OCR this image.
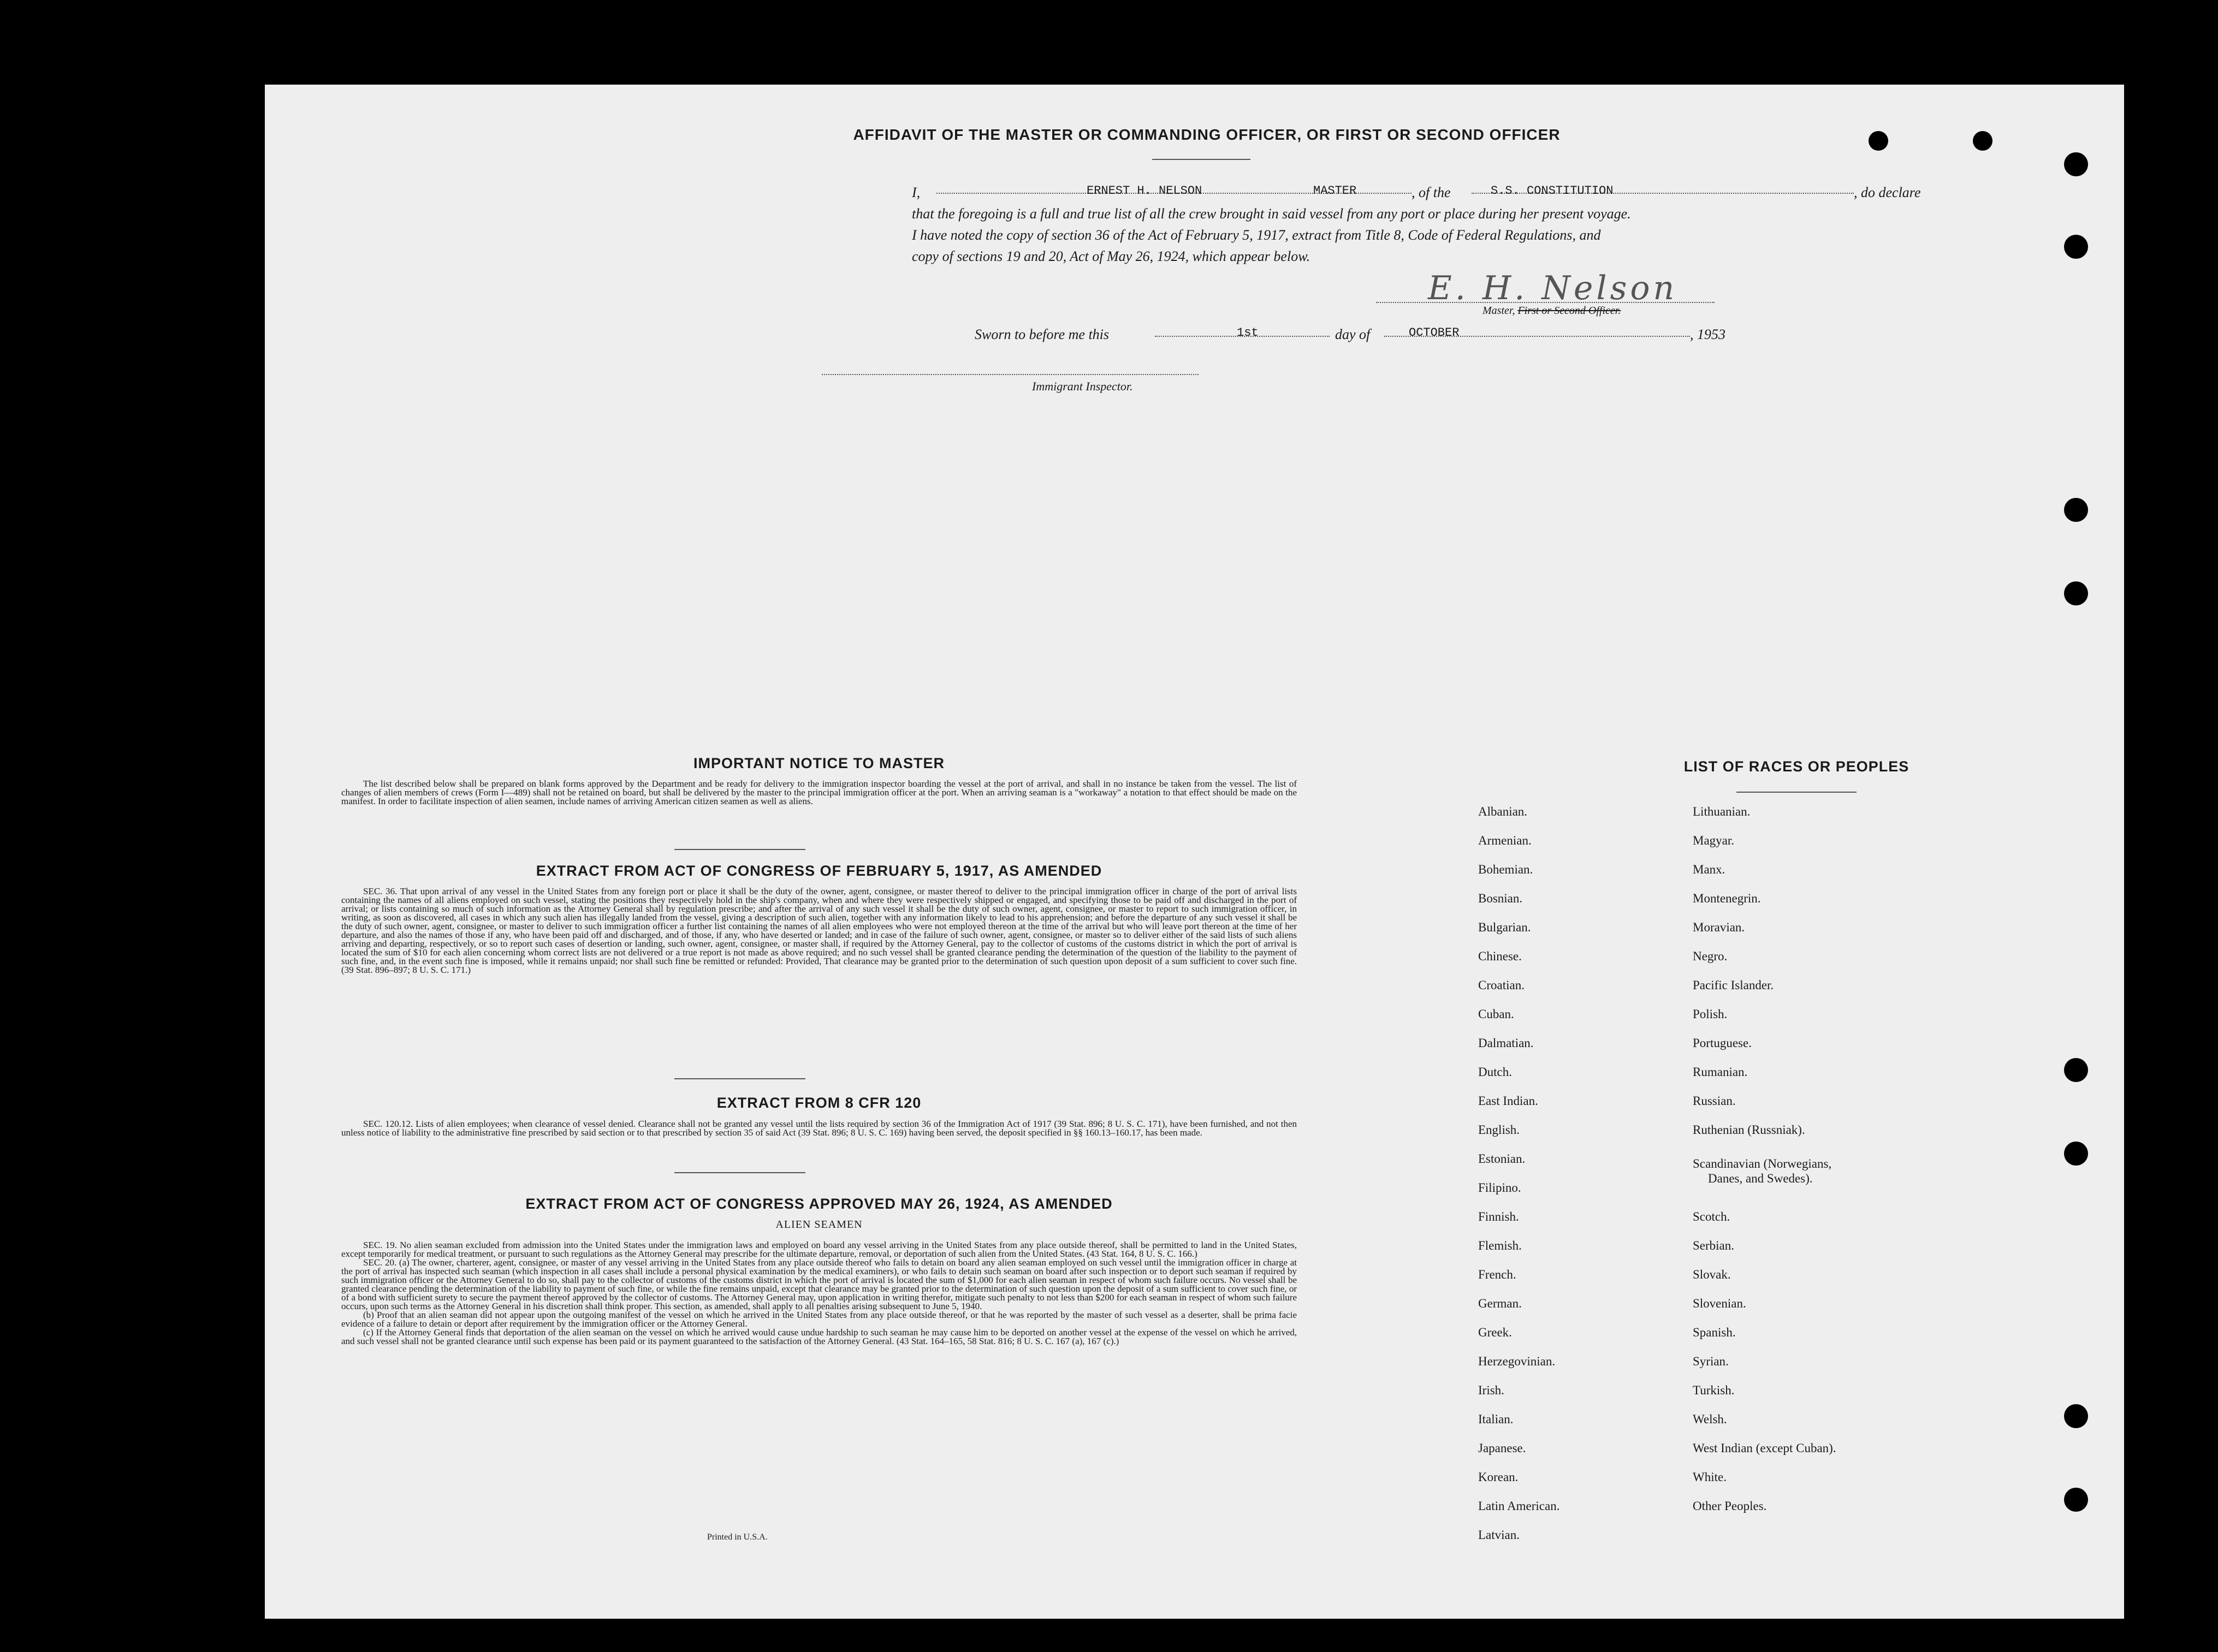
AFFIDAVIT OF THE MASTER OR COMMANDING OFFICER, OR FIRST OR SECOND OFFICER
I,	ERNEST H. NELSON	MASTER	, of the	S.S. CONSTITUTION	, do declare
that the foregoing is a full and true list of all the crew brought in said vessel from any port or place during her present voyage.
I have noted the copy of section 36 of the Act of February 5, 1917, extract from Title 8, Code of Federal Regulations, and
copy of sections 19 and 20, Act of May 26, 1924, which appear below.
E. H. Nelson
Master, First or Second Officer.
Sworn to before me this	1st	day of	OCTOBER	, 1953
Immigrant Inspector.
IMPORTANT NOTICE TO MASTER

The list described below shall be prepared on blank forms approved by the Department and be ready for delivery to the immigration inspector boarding the vessel at the port of arrival, and shall in no instance be taken from the vessel. The list of changes of alien members of crews (Form I—489) shall not be retained on board, but shall be delivered by the master to the principal immigration officer at the port. When an arriving seaman is a "workaway" a notation to that effect should be made on the manifest. In order to facilitate inspection of alien seamen, include names of arriving American citizen seamen as well as aliens.

EXTRACT FROM ACT OF CONGRESS OF FEBRUARY 5, 1917, AS AMENDED

SEC. 36. That upon arrival of any vessel in the United States from any foreign port or place it shall be the duty of the owner, agent, consignee, or master thereof to deliver to the principal immigration officer in charge of the port of arrival lists containing the names of all aliens employed on such vessel, stating the positions they respectively hold in the ship's company, when and where they were respectively shipped or engaged, and specifying those to be paid off and discharged in the port of arrival; or lists containing so much of such information as the Attorney General shall by regulation prescribe; and after the arrival of any such vessel it shall be the duty of such owner, agent, consignee, or master to report to such immigration officer, in writing, as soon as discovered, all cases in which any such alien has illegally landed from the vessel, giving a description of such alien, together with any information likely to lead to his apprehension; and before the departure of any such vessel it shall be the duty of such owner, agent, consignee, or master to deliver to such immigration officer a further list containing the names of all alien employees who were not employed thereon at the time of the arrival but who will leave port thereon at the time of her departure, and also the names of those if any, who have been paid off and discharged, and of those, if any, who have deserted or landed; and in case of the failure of such owner, agent, consignee, or master so to deliver either of the said lists of such aliens arriving and departing, respectively, or so to report such cases of desertion or landing, such owner, agent, consignee, or master shall, if required by the Attorney General, pay to the collector of customs of the customs district in which the port of arrival is located the sum of $10 for each alien concerning whom correct lists are not delivered or a true report is not made as above required; and no such vessel shall be granted clearance pending the determination of the question of the liability to the payment of such fine, and, in the event such fine is imposed, while it remains unpaid; nor shall such fine be remitted or refunded: Provided, That clearance may be granted prior to the determination of such question upon deposit of a sum sufficient to cover such fine. (39 Stat. 896–897; 8 U. S. C. 171.)

EXTRACT FROM 8 CFR 120

SEC. 120.12. Lists of alien employees; when clearance of vessel denied. Clearance shall not be granted any vessel until the lists required by section 36 of the Immigration Act of 1917 (39 Stat. 896; 8 U. S. C. 171), have been furnished, and not then unless notice of liability to the administrative fine prescribed by said section or to that prescribed by section 35 of said Act (39 Stat. 896; 8 U. S. C. 169) having been served, the deposit specified in §§ 160.13–160.17, has been made.

EXTRACT FROM ACT OF CONGRESS APPROVED MAY 26, 1924, AS AMENDED
ALIEN SEAMEN

SEC. 19. No alien seaman excluded from admission into the United States under the immigration laws and employed on board any vessel arriving in the United States from any place outside thereof, shall be permitted to land in the United States, except temporarily for medical treatment, or pursuant to such regulations as the Attorney General may prescribe for the ultimate departure, removal, or deportation of such alien from the United States. (43 Stat. 164, 8 U. S. C. 166.)

SEC. 20. (a) The owner, charterer, agent, consignee, or master of any vessel arriving in the United States from any place outside thereof who fails to detain on board any alien seaman employed on such vessel until the immigration officer in charge at the port of arrival has inspected such seaman (which inspection in all cases shall include a personal physical examination by the medical examiners), or who fails to detain such seaman on board after such inspection or to deport such seaman if required by such immigration officer or the Attorney General to do so, shall pay to the collector of customs of the customs district in which the port of arrival is located the sum of $1,000 for each alien seaman in respect of whom such failure occurs. No vessel shall be granted clearance pending the determination of the liability to payment of such fine, or while the fine remains unpaid, except that clearance may be granted prior to the determination of such question upon the deposit of a sum sufficient to cover such fine, or of a bond with sufficient surety to secure the payment thereof approved by the collector of customs. The Attorney General may, upon application in writing therefor, mitigate such penalty to not less than $200 for each seaman in respect of whom such failure occurs, upon such terms as the Attorney General in his discretion shall think proper. This section, as amended, shall apply to all penalties arising subsequent to June 5, 1940.

(b) Proof that an alien seaman did not appear upon the outgoing manifest of the vessel on which he arrived in the United States from any place outside thereof, or that he was reported by the master of such vessel as a deserter, shall be prima facie evidence of a failure to detain or deport after requirement by the immigration officer or the Attorney General.

(c) If the Attorney General finds that deportation of the alien seaman on the vessel on which he arrived would cause undue hardship to such seaman he may cause him to be deported on another vessel at the expense of the vessel on which he arrived, and such vessel shall not be granted clearance until such expense has been paid or its payment guaranteed to the satisfaction of the Attorney General. (43 Stat. 164–165, 58 Stat. 816; 8 U. S. C. 167 (a), 167 (c).)

Printed in U.S.A.
LIST OF RACES OR PEOPLES
Albanian.
Armenian.
Bohemian.
Bosnian.
Bulgarian.
Chinese.
Croatian.
Cuban.
Dalmatian.
Dutch.
East Indian.
English.
Estonian.
Filipino.
Finnish.
Flemish.
French.
German.
Greek.
Herzegovinian.
Irish.
Italian.
Japanese.
Korean.
Latin American.
Latvian.
Lithuanian.
Magyar.
Manx.
Montenegrin.
Moravian.
Negro.
Pacific Islander.
Polish.
Portuguese.
Rumanian.
Russian.
Ruthenian (Russniak).
Scandinavian (Norwegians,
Danes, and Swedes).
Scotch.
Serbian.
Slovak.
Slovenian.
Spanish.
Syrian.
Turkish.
Welsh.
West Indian (except Cuban).
White.
Other Peoples.
